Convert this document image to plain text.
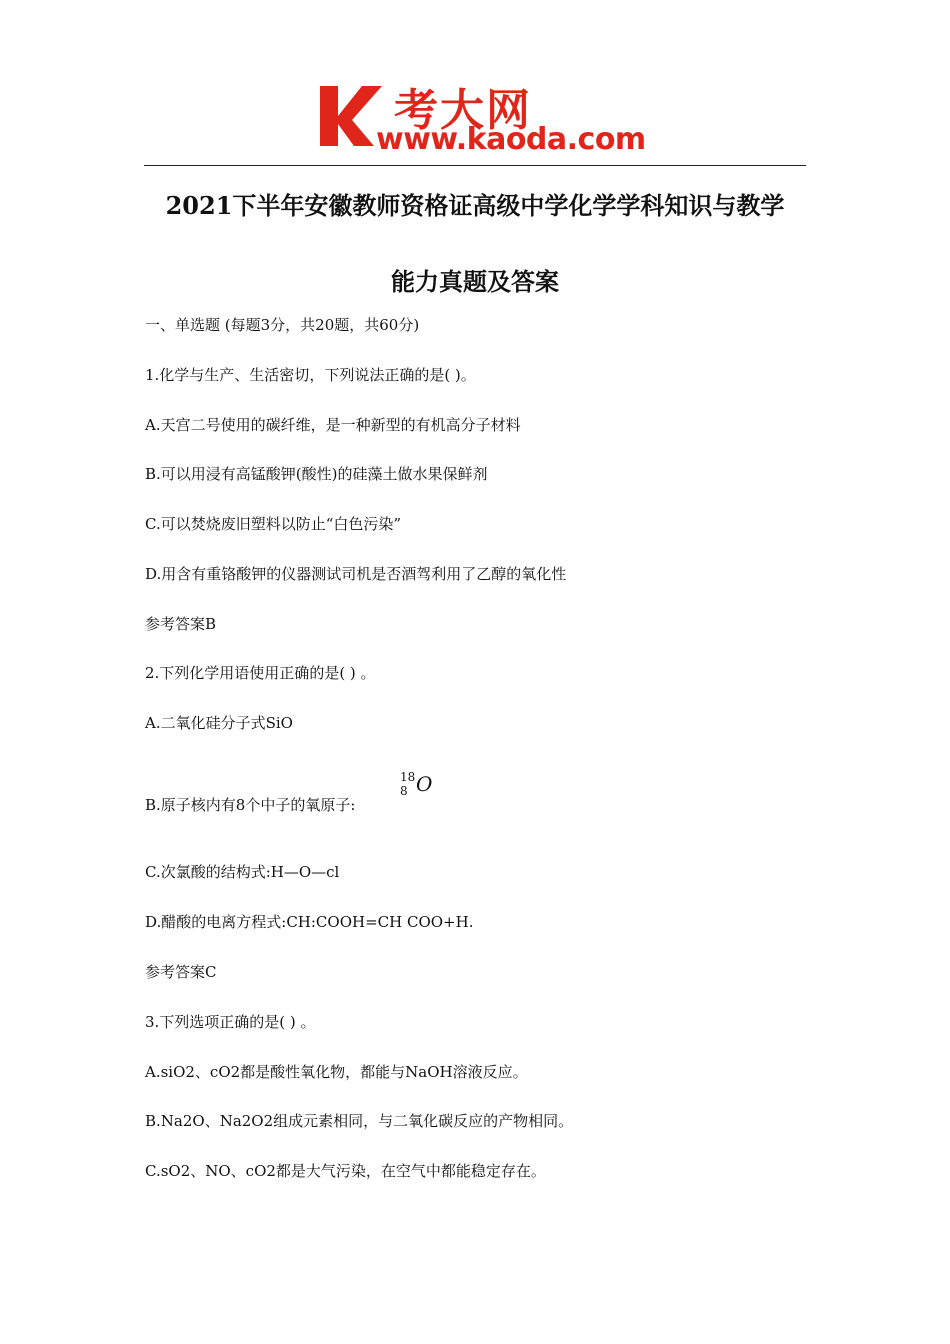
考大网
www.kaoda.com
2021下半年安徽教师资格证高级中学化学学科知识与教学
能力真题及答案
一、单选题 (每题3分，共20题，共60分)
1.化学与生产、生活密切，下列说法正确的是( )。
A.天宫二号使用的碳纤维，是一种新型的有机高分子材料
B.可以用浸有高锰酸钾(酸性)的硅藻土做水果保鲜剂
C.可以焚烧废旧塑料以防止“白色污染”
D.用含有重铬酸钾的仪器测试司机是否酒驾利用了乙醇的氧化性
参考答案B
2.下列化学用语使用正确的是( ) 。
A.二氧化硅分子式SiO
B.原子核内有8个中子的氧原子:
18
8 O
C.次氯酸的结构式:H—O—cl
D.醋酸的电离方程式:CH:COOH=CH COO+H.
参考答案C
3.下列选项正确的是( ) 。
A.siO2、cO2都是酸性氧化物，都能与NaOH溶液反应。
B.Na2O、Na2O2组成元素相同，与二氧化碳反应的产物相同。
C.sO2、NO、cO2都是大气污染，在空气中都能稳定存在。
